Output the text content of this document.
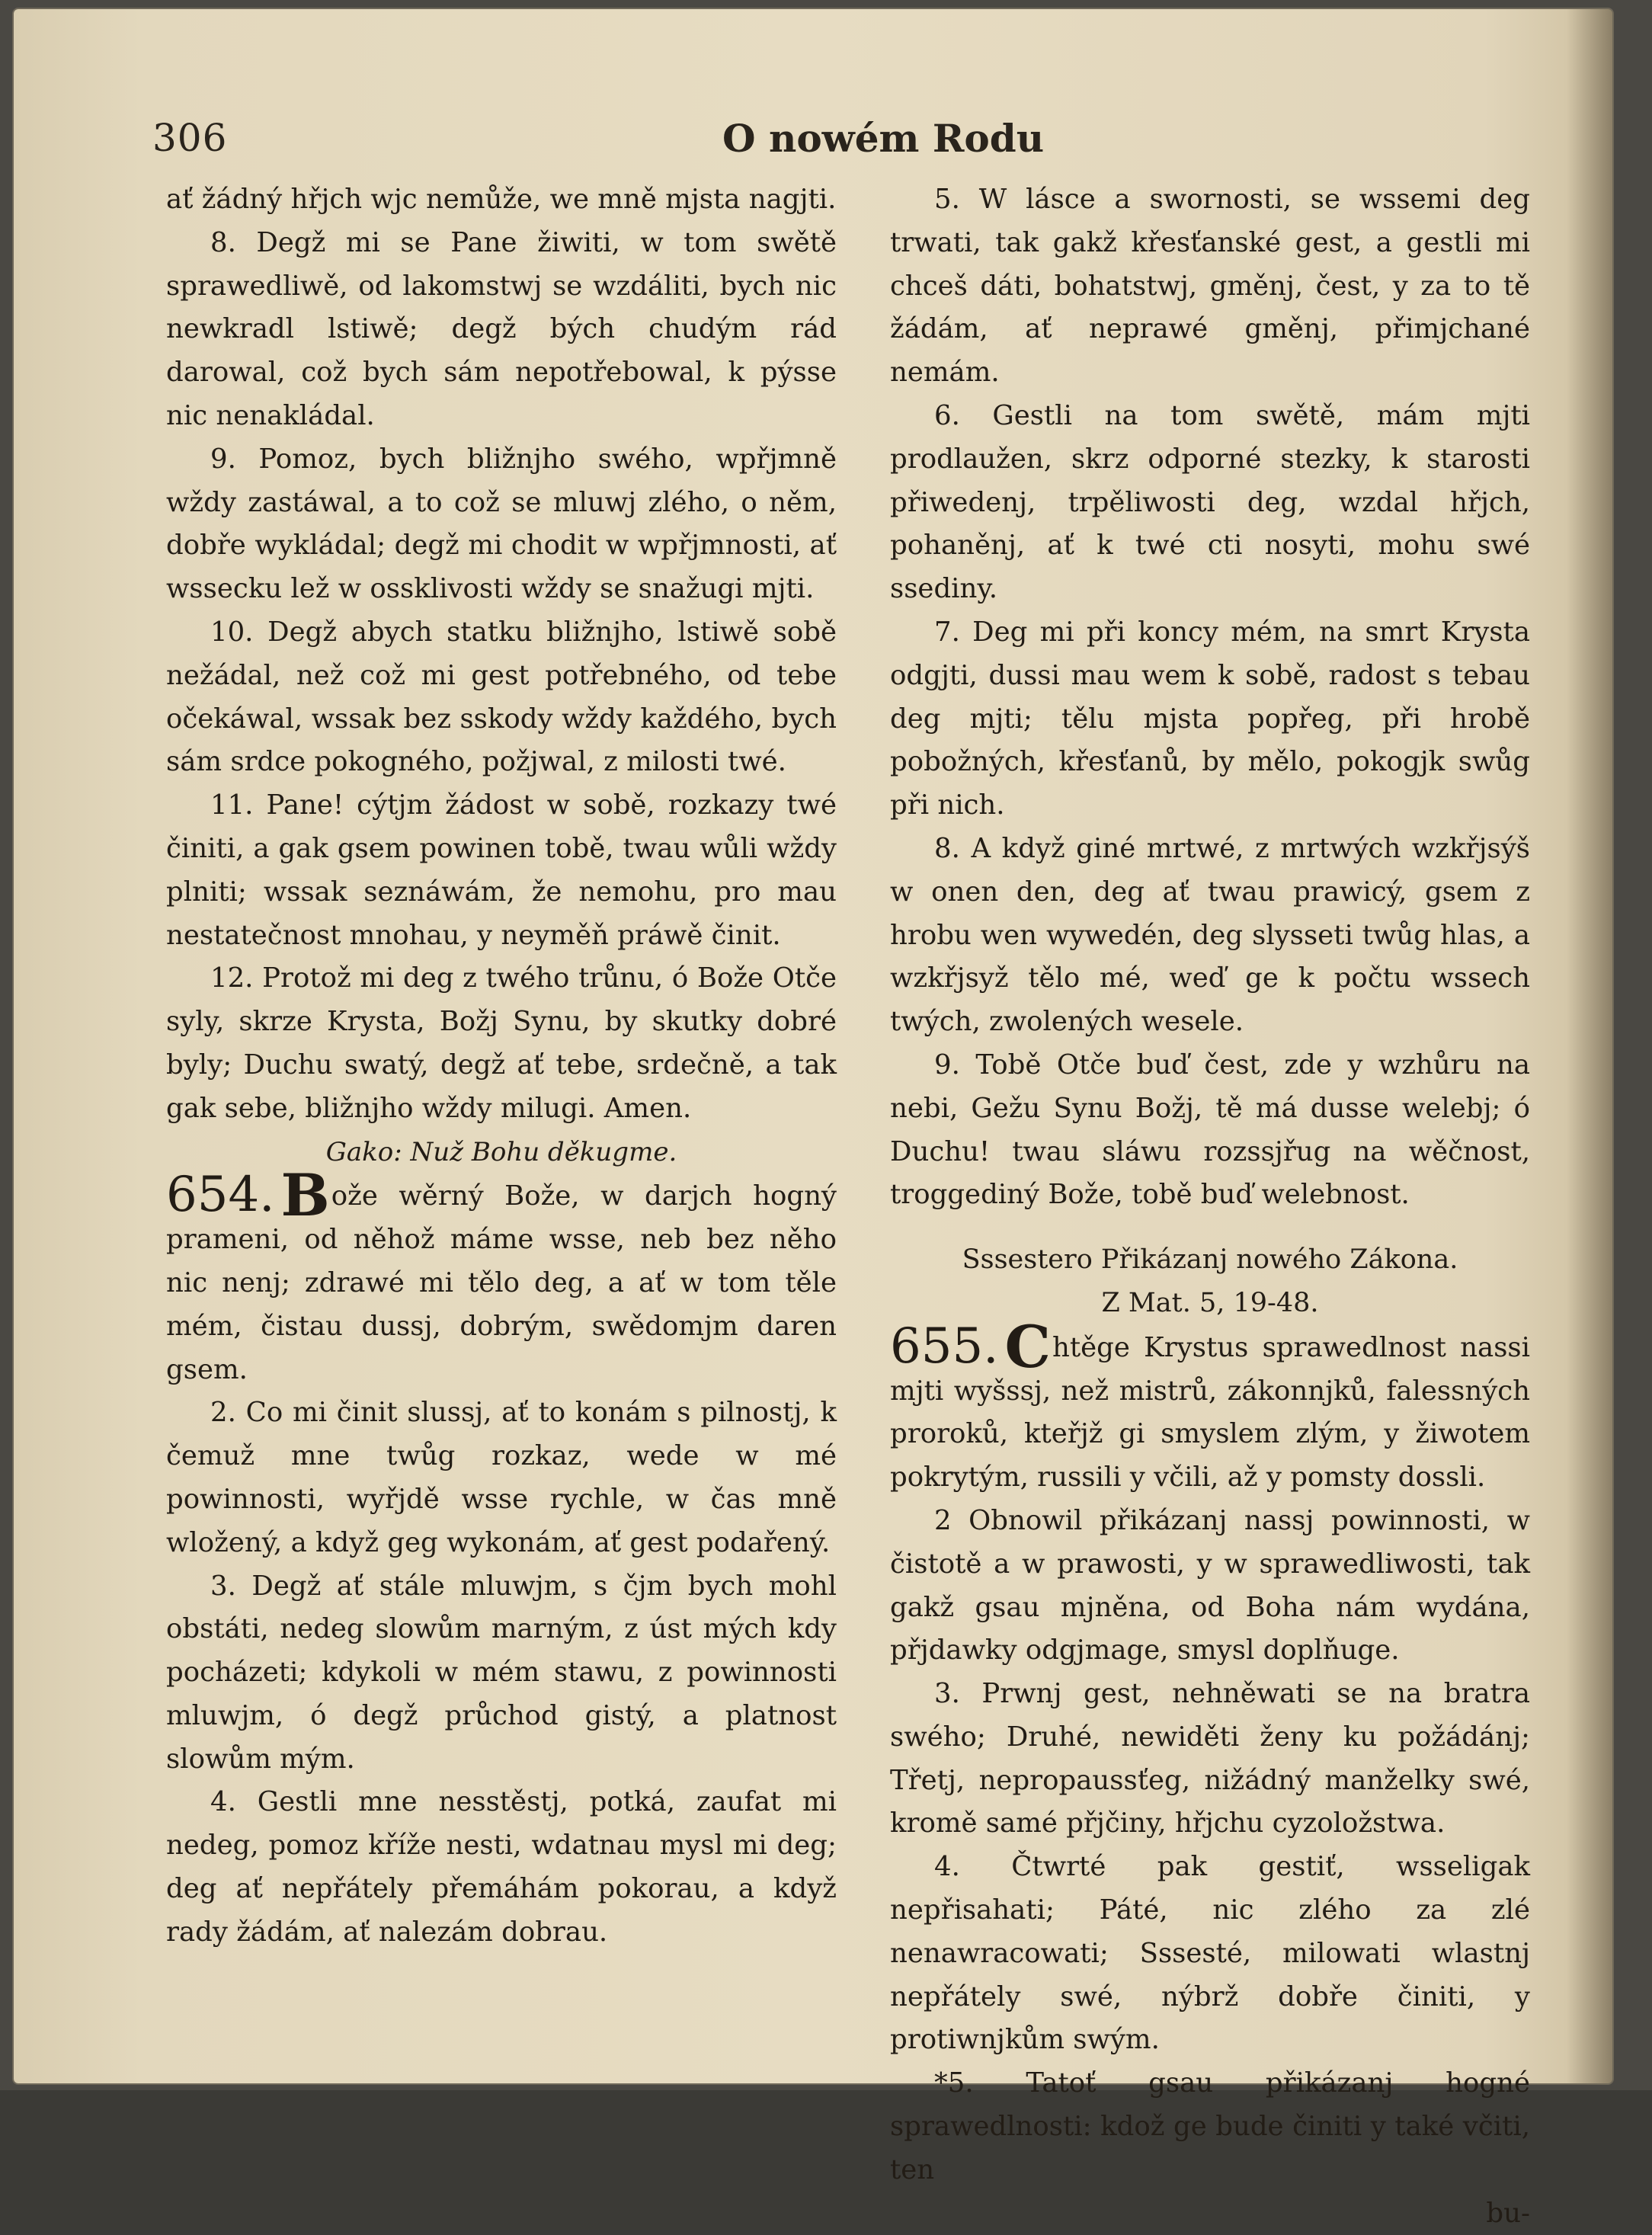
306	O nowém Rodu

ať žádný hřjch wjc nemůže, we mně mjsta nagjti.

8. Degž mi se Pane žiwiti, w tom swětě sprawedliwě, od lakomstwj se wzdáliti, bych nic newkradl lstiwě; degž bých chudým rád darowal, což bych sám nepotřebowal, k pýsse nic nenakládal.

9. Pomoz, bych bližnjho swého, wpřjmně wždy zastáwal, a to což se mluwj zlého, o něm, dobře wykládal; degž mi chodit w wpřjmnosti, ať wssecku lež w ossklivosti wždy se snažugi mjti.

10. Degž abych statku bližnjho, lstiwě sobě nežádal, než což mi gest potřebného, od tebe očekáwal, wssak bez sskody wždy každého, bych sám srdce pokogného, požjwal, z milosti twé.

11. Pane! cýtjm žádost w sobě, rozkazy twé činiti, a gak gsem powinen tobě, twau wůli wždy plniti; wssak seznáwám, že nemohu, pro mau nestatečnost mnohau, y neyměň práwě činit.

12. Protož mi deg z twého trůnu, ó Bože Otče syly, skrze Krysta, Božj Synu, by skutky dobré byly; Duchu swatý, degž ať tebe, srdečně, a tak gak sebe, bližnjho wždy milugi. Amen.

Gako: Nuž Bohu děkugme.

654. Bože wěrný Bože, w darjch hogný prameni, od něhož máme wsse, neb bez něho nic nenj; zdrawé mi tělo deg, a ať w tom těle mém, čistau dussj, dobrým, swědomjm daren gsem.

2. Co mi činit slussj, ať to konám s pilnostj, k čemuž mne twůg rozkaz, wede w mé powinnosti, wyřjdě wsse rychle, w čas mně wložený, a když geg wykonám, ať gest podařený.

3. Degž ať stále mluwjm, s čjm bych mohl obstáti, nedeg slowům marným, z úst mých kdy pocházeti; kdykoli w mém stawu, z powinnosti mluwjm, ó degž průchod gistý, a platnost slowům mým.

4. Gestli mne nesstěstj, potká, zaufat mi nedeg, pomoz kříže nesti, wdatnau mysl mi deg; deg ať nepřátely přemáhám pokorau, a když rady žádám, ať nalezám dobrau.

5. W lásce a swornosti, se wssemi deg trwati, tak gakž křesťanské gest, a gestli mi chceš dáti, bohatstwj, gměnj, čest, y za to tě žádám, ať neprawé gměnj, přimjchané nemám.

6. Gestli na tom swětě, mám mjti prodlaužen, skrz odporné stezky, k starosti přiwedenj, trpěliwosti deg, wzdal hřjch, pohaněnj, ať k twé cti nosyti, mohu swé ssediny.

7. Deg mi při koncy mém, na smrt Krysta odgjti, dussi mau wem k sobě, radost s tebau deg mjti; tělu mjsta popřeg, při hrobě pobožných, křesťanů, by mělo, pokogjk swůg při nich.

8. A když giné mrtwé, z mrtwých wzkřjsýš w onen den, deg ať twau prawicý, gsem z hrobu wen wywedén, deg slysseti twůg hlas, a wzkřjsyž tělo mé, weď ge k počtu wssech twých, zwolených wesele.

9. Tobě Otče buď čest, zde y wzhůru na nebi, Gežu Synu Božj, tě má dusse welebj; ó Duchu! twau sláwu rozssjřug na wěčnost, troggediný Bože, tobě buď welebnost.

Sssestero Přikázanj nowého Zákona.

Z Mat. 5, 19-48.

655. Chtěge Krystus sprawedlnost nassi mjti wyšssj, než mistrů, zákonnjků, falessných proroků, kteřjž gi smyslem zlým, y žiwotem pokrytým, russili y včili, až y pomsty dossli.

2 Obnowil přikázanj nassj powinnosti, w čistotě a w prawosti, y w sprawedliwosti, tak gakž gsau mjněna, od Boha nám wydána, přjdawky odgjmage, smysl doplňuge.

3. Prwnj gest, nehněwati se na bratra swého; Druhé, newiděti ženy ku požádánj; Třetj, nepropaussťeg, nižádný manželky swé, kromě samé přjčiny, hřjchu cyzoložstwa.

4. Čtwrté pak gestiť, wsseligak nepřisahati; Páté, nic zlého za zlé nenawracowati; Sssesté, milowati wlastnj nepřátely swé, nýbrž dobře činiti, y protiwnjkům swým.

*5. Tatoť gsau přikázanj hogné sprawedlnosti: kdož ge bude činiti y také včiti, ten

bu-
